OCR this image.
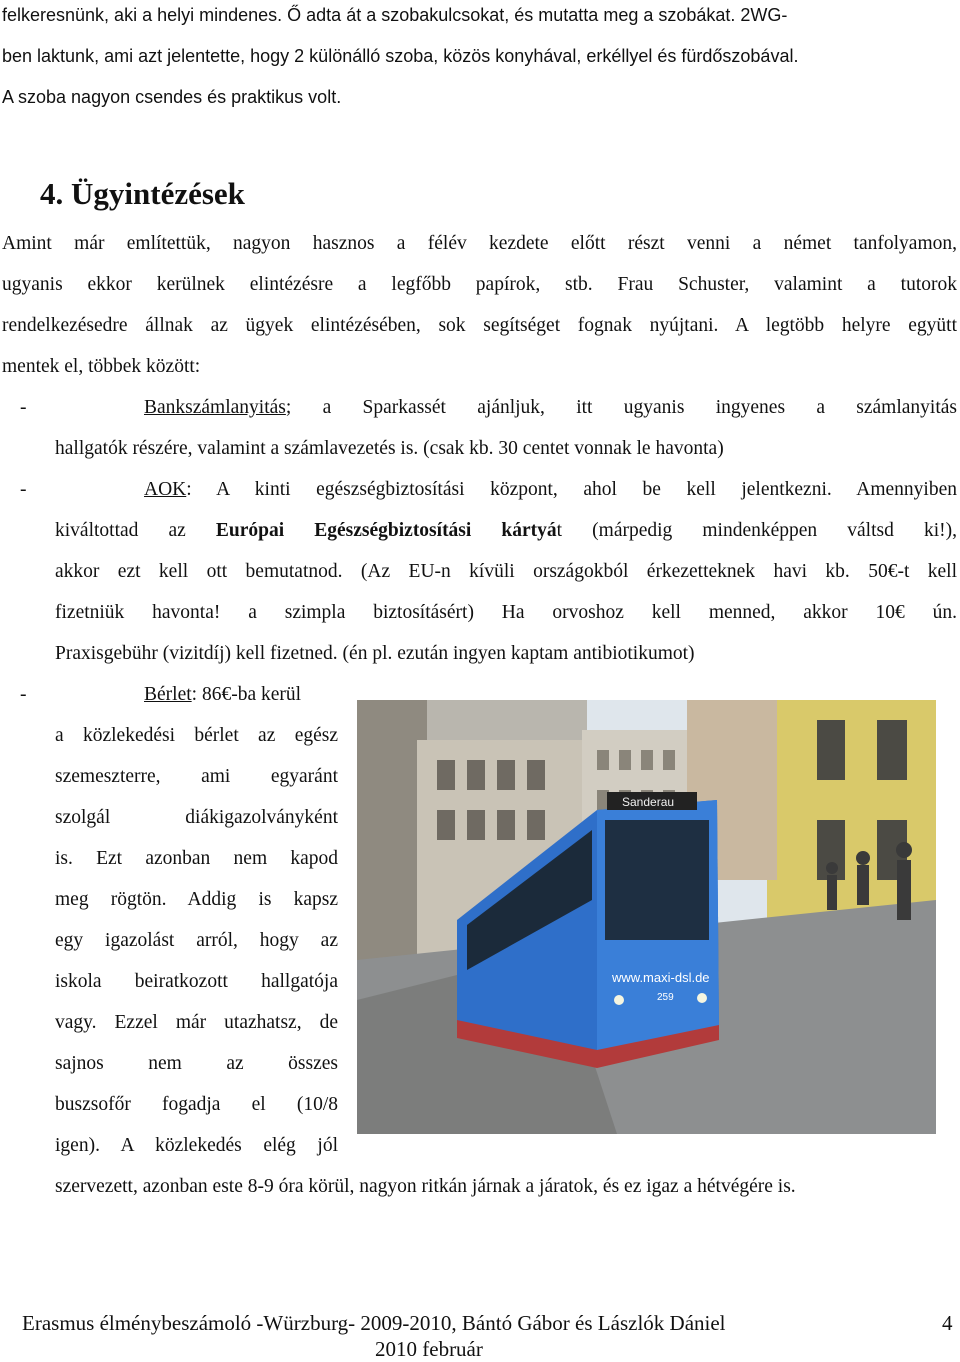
felkeresnünk, aki a helyi mindenes. Ő adta át a szobakulcsokat, és mutatta meg a szobákat. 2WG-
ben laktunk, ami azt jelentette, hogy 2 különálló szoba, közös konyhával, erkéllyel és fürdőszobával.
A szoba nagyon csendes és praktikus volt.
4. Ügyintézések
Amint már említettük, nagyon hasznos a félév kezdete előtt részt venni a német tanfolyamon,
ugyanis ekkor kerülnek elintézésre a legfőbb papírok, stb. Frau Schuster, valamint a tutorok
rendelkezésedre állnak az ügyek elintézésében, sok segítséget fognak nyújtani. A legtöbb helyre együtt
mentek el, többek között:
-	Bankszámlanyitás; a Sparkassét ajánljuk, itt ugyanis ingyenes a számlanyitás
hallgatók részére, valamint a számlavezetés is. (csak kb. 30 centet vonnak le havonta)
-	AOK: A kinti egészségbiztosítási központ, ahol be kell jelentkezni. Amennyiben
kiváltottad az Európai Egészségbiztosítási kártyát (márpedig mindenképpen váltsd ki!),
akkor ezt kell ott bemutatnod. (Az EU-n kívüli országokból érkezetteknek havi kb. 50€-t kell
fizetniük havonta! a szimpla biztosításért) Ha orvoshoz kell menned, akkor 10€ ún.
Praxisgebühr (vizitdíj) kell fizetned. (én pl. ezután ingyen kaptam antibiotikumot)
-	Bérlet: 86€-ba kerül
a közlekedési bérlet az egész
szemeszterre, ami egyaránt
szolgál diákigazolványként
is. Ezt azonban nem kapod
meg rögtön. Addig is kapsz
egy igazolást arról, hogy az
iskola beiratkozott hallgatója
vagy. Ezzel már utazhatsz, de
sajnos nem az összes
buszsofőr fogadja el (10/8
igen). A közlekedés elég jól
szervezett, azonban este 8-9 óra körül, nagyon ritkán járnak a járatok, és ez igaz a hétvégére is.
Sanderau
www.maxi-dsl.de
259
Erasmus élménybeszámoló -Würzburg- 2009-2010, Bántó Gábor és Lászlók Dániel
2010 február
4
